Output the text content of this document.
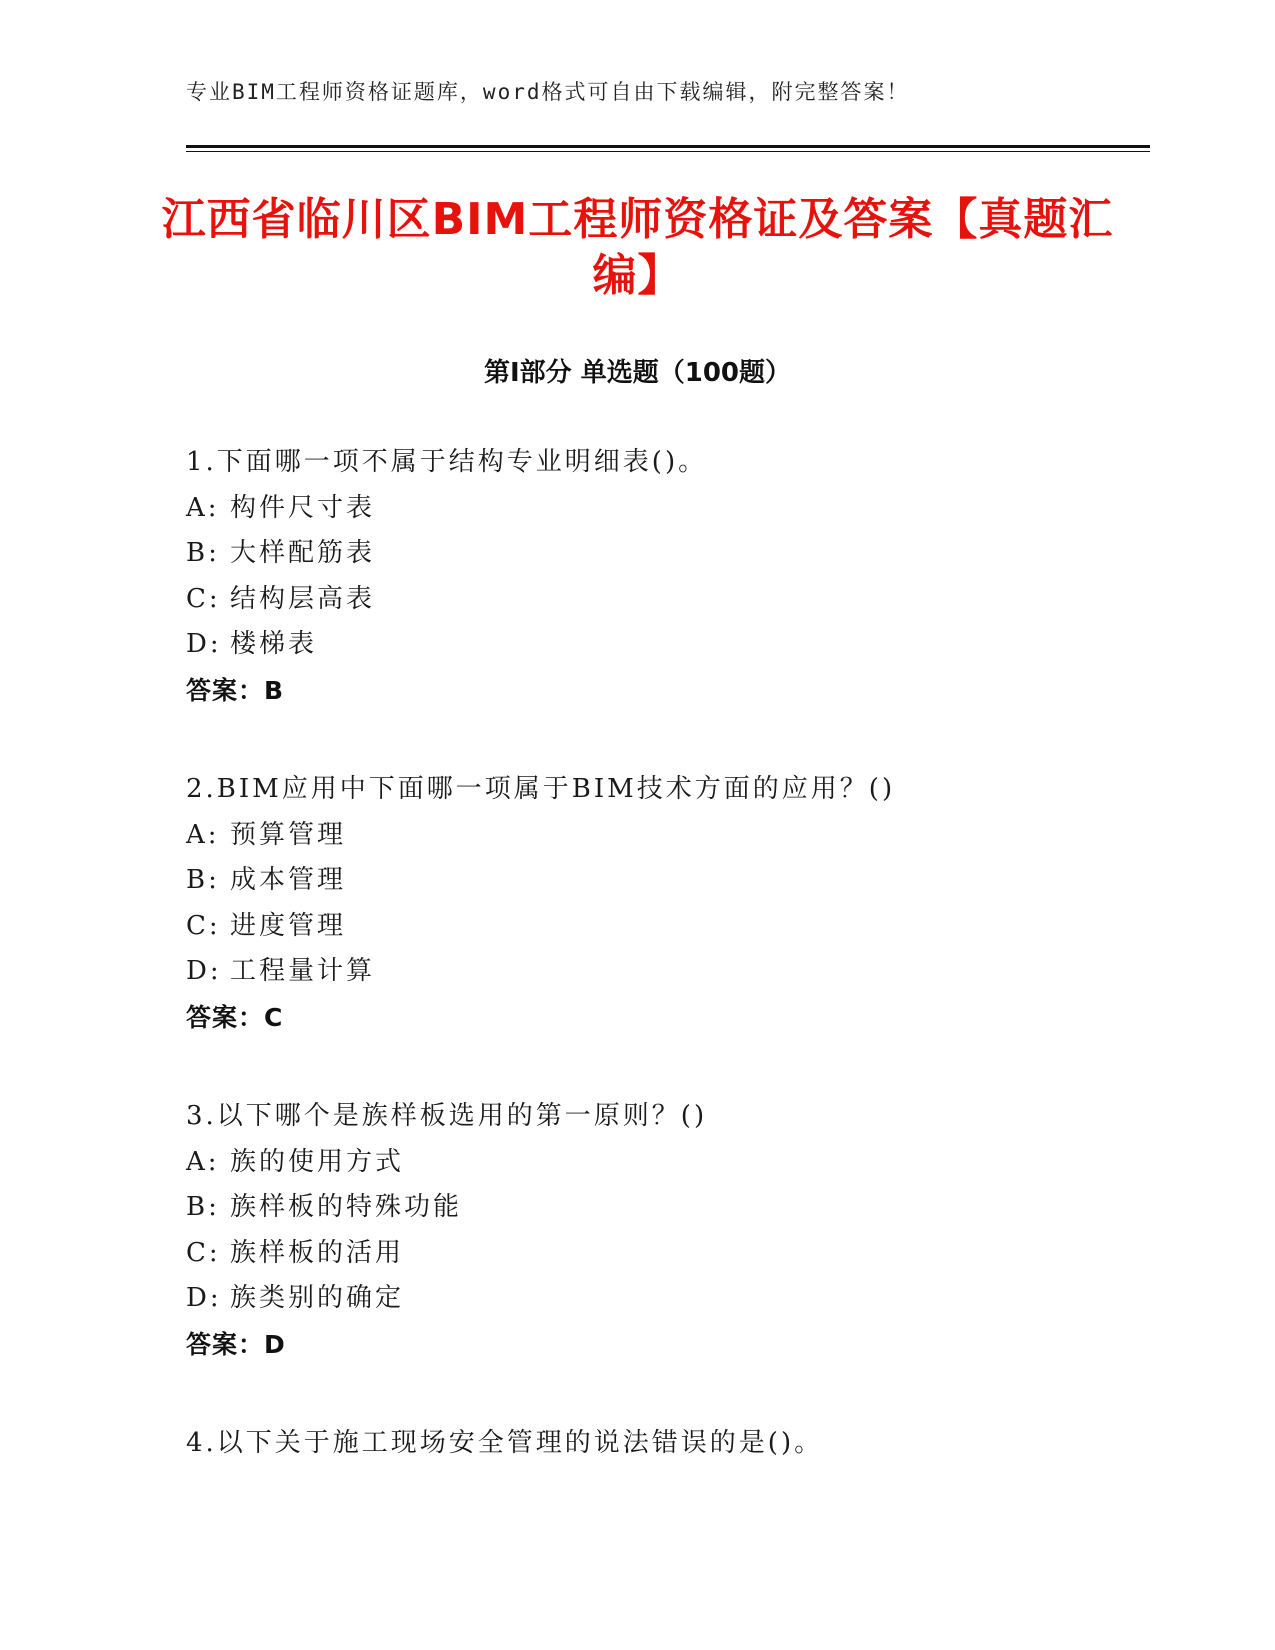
专业BIM工程师资格证题库，word格式可自由下载编辑，附完整答案！
江西省临川区BIM工程师资格证及答案【真题汇编】
第Ⅰ部分 单选题（100题）
1.下面哪一项不属于结构专业明细表()。
A: 构件尺寸表
B: 大样配筋表
C: 结构层高表
D: 楼梯表
答案：B
2.BIM应用中下面哪一项属于BIM技术方面的应用？()
A: 预算管理
B: 成本管理
C: 进度管理
D: 工程量计算
答案：C
3.以下哪个是族样板选用的第一原则？()
A: 族的使用方式
B: 族样板的特殊功能
C: 族样板的活用
D: 族类别的确定
答案：D
4.以下关于施工现场安全管理的说法错误的是()。
